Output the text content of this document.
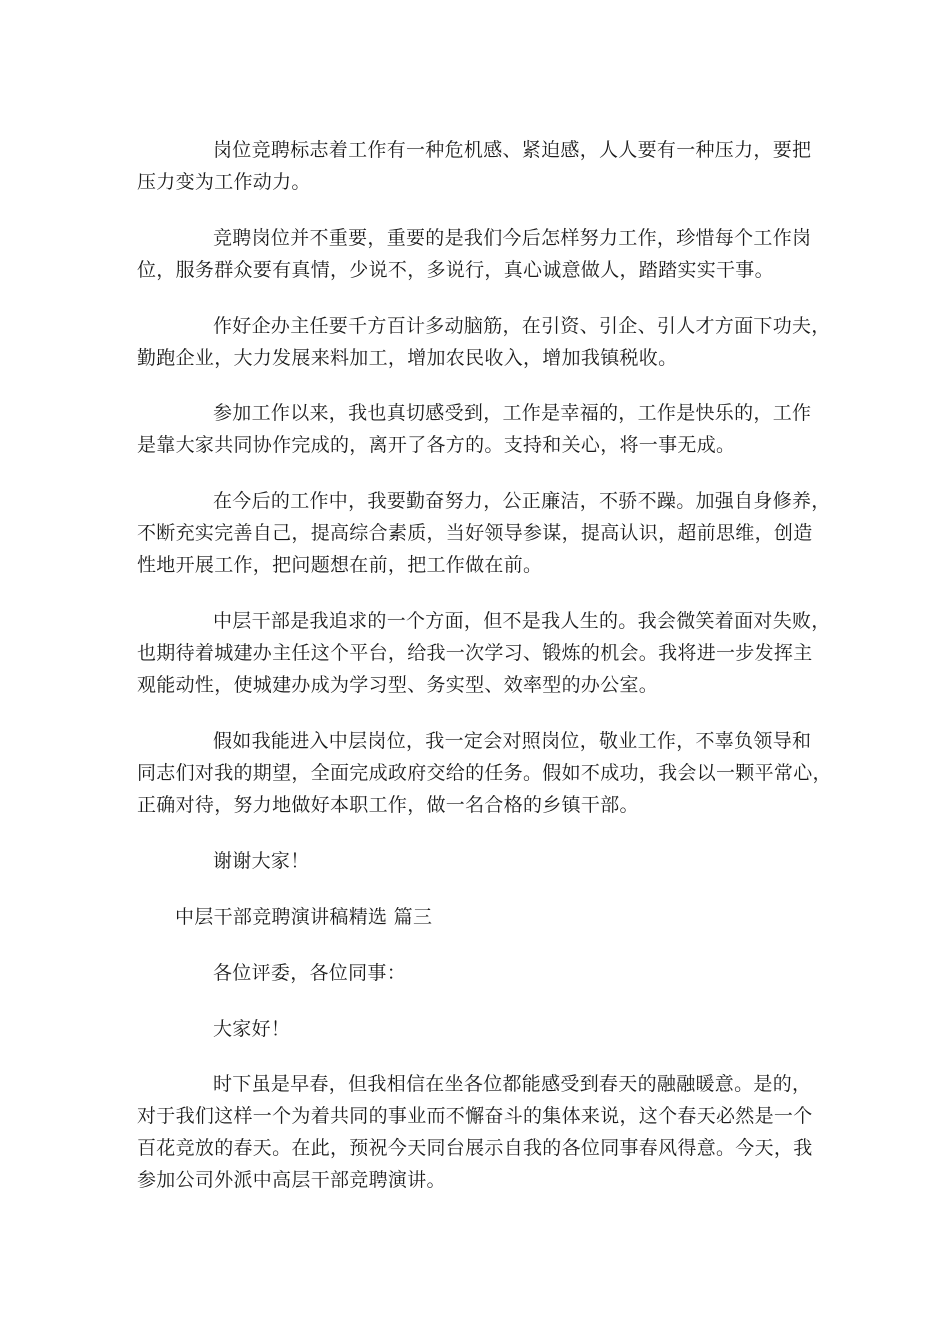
岗位竞聘标志着工作有一种危机感、紧迫感，人人要有一种压力，要把
压力变为工作动力。
竞聘岗位并不重要，重要的是我们今后怎样努力工作，珍惜每个工作岗
位，服务群众要有真情，少说不，多说行，真心诚意做人，踏踏实实干事。
作好企办主任要千方百计多动脑筋，在引资、引企、引人才方面下功夫，
勤跑企业，大力发展来料加工，增加农民收入，增加我镇税收。
参加工作以来，我也真切感受到，工作是幸福的，工作是快乐的，工作
是靠大家共同协作完成的，离开了各方的。支持和关心，将一事无成。
在今后的工作中，我要勤奋努力，公正廉洁，不骄不躁。加强自身修养，
不断充实完善自己，提高综合素质，当好领导参谋，提高认识，超前思维，创造
性地开展工作，把问题想在前，把工作做在前。
中层干部是我追求的一个方面，但不是我人生的。我会微笑着面对失败，
也期待着城建办主任这个平台，给我一次学习、锻炼的机会。我将进一步发挥主
观能动性，使城建办成为学习型、务实型、效率型的办公室。
假如我能进入中层岗位，我一定会对照岗位，敬业工作，不辜负领导和
同志们对我的期望，全面完成政府交给的任务。假如不成功，我会以一颗平常心，
正确对待，努力地做好本职工作，做一名合格的乡镇干部。
谢谢大家！
中层干部竞聘演讲稿精选 篇三
各位评委，各位同事：
大家好！
时下虽是早春，但我相信在坐各位都能感受到春天的融融暖意。是的，
对于我们这样一个为着共同的事业而不懈奋斗的集体来说，这个春天必然是一个
百花竞放的春天。在此，预祝今天同台展示自我的各位同事春风得意。今天，我
参加公司外派中高层干部竞聘演讲。
